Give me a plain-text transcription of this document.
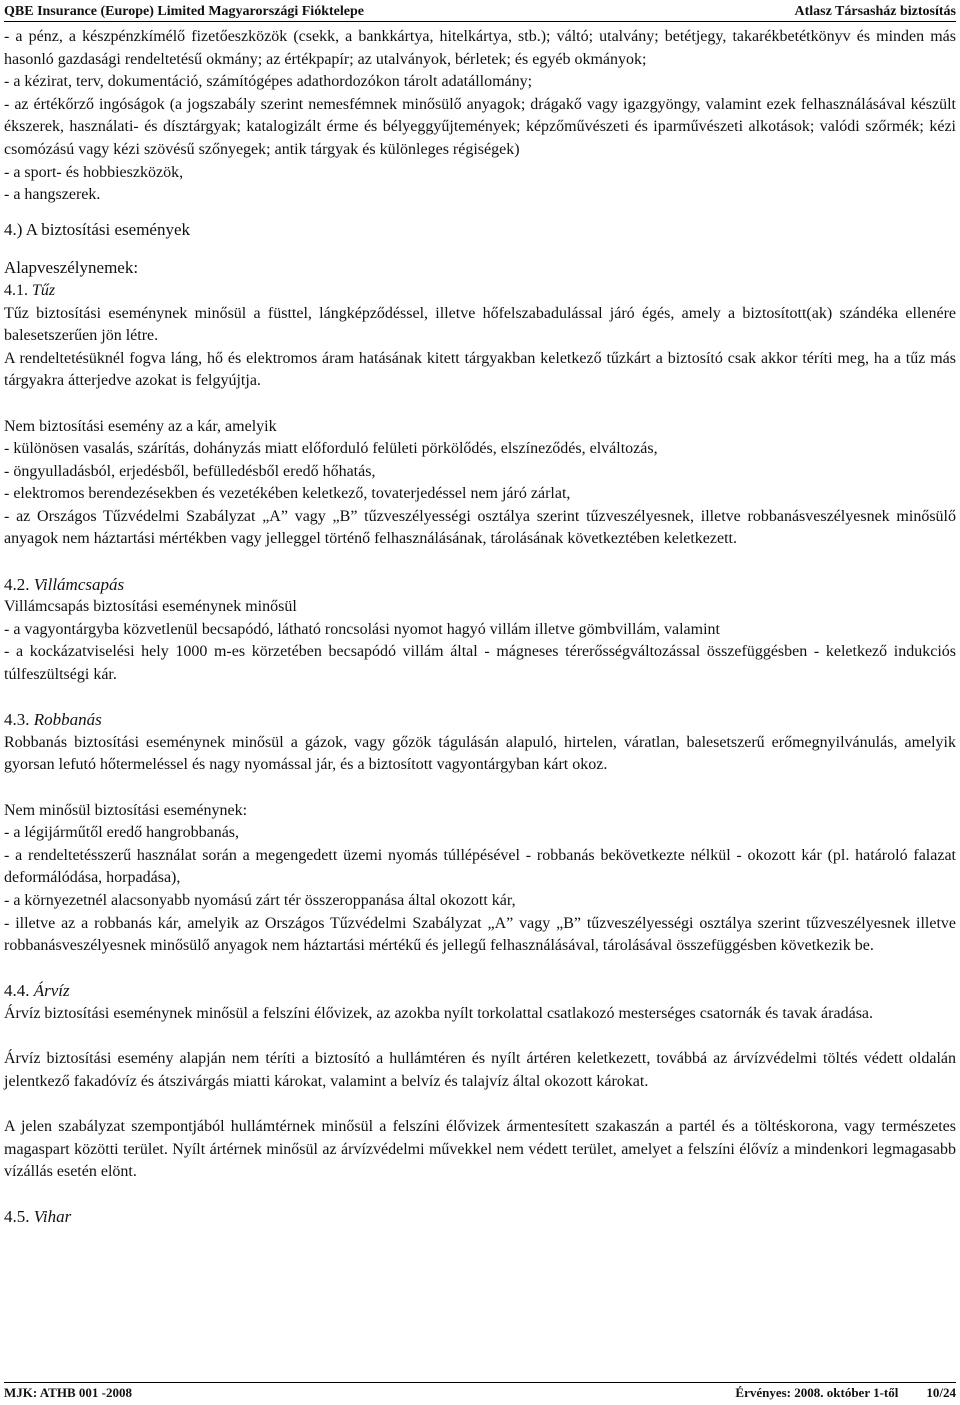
QBE Insurance (Europe) Limited Magyarországi Fióktelepe	Atlasz Társasház biztosítás

- a pénz, a készpénzkímélő fizetőeszközök (csekk, a bankkártya, hitelkártya, stb.); váltó; utalvány; betétjegy, takarékbetétkönyv és minden más hasonló gazdasági rendeltetésű okmány; az értékpapír; az utalványok, bérletek; és egyéb okmányok;

- a kézirat, terv, dokumentáció, számítógépes adathordozókon tárolt adatállomány;

- az értékőrző ingóságok (a jogszabály szerint nemesfémnek minősülő anyagok; drágakő vagy igazgyöngy, valamint ezek felhasználásával készült ékszerek, használati- és dísztárgyak; katalogizált érme és bélyeggyűjtemények; képzőművészeti és iparművészeti alkotások; valódi szőrmék; kézi csomózású vagy kézi szövésű szőnyegek; antik tárgyak és különleges régiségek)

- a sport- és hobbieszközök,

- a hangszerek.

4.) A biztosítási események

Alapveszélynemek:

4.1. Tűz

Tűz biztosítási eseménynek minősül a füsttel, lángképződéssel, illetve hőfelszabadulással járó égés, amely a biztosított(ak) szándéka ellenére balesetszerűen jön létre.

A rendeltetésüknél fogva láng, hő és elektromos áram hatásának kitett tárgyakban keletkező tűzkárt a biztosító csak akkor téríti meg, ha a tűz más tárgyakra átterjedve azokat is felgyújtja.

Nem biztosítási esemény az a kár, amelyik

- különösen vasalás, szárítás, dohányzás miatt előforduló felületi pörkölődés, elszíneződés, elváltozás,

- öngyulladásból, erjedésből, befülledésből eredő hőhatás,

- elektromos berendezésekben és vezetékében keletkező, tovaterjedéssel nem járó zárlat,

- az Országos Tűzvédelmi Szabályzat „A” vagy „B” tűzveszélyességi osztálya szerint tűzveszélyesnek, illetve robbanásveszélyesnek minősülő anyagok nem háztartási mértékben vagy jelleggel történő felhasználásának, tárolásának következtében keletkezett.

4.2. Villámcsapás

Villámcsapás biztosítási eseménynek minősül

- a vagyontárgyba közvetlenül becsapódó, látható roncsolási nyomot hagyó villám illetve gömbvillám, valamint

- a kockázatviselési hely 1000 m-es körzetében becsapódó villám által - mágneses térerősségváltozással összefüggésben - keletkező indukciós túlfeszültségi kár.

4.3. Robbanás

Robbanás biztosítási eseménynek minősül a gázok, vagy gőzök tágulásán alapuló, hirtelen, váratlan, balesetszerű erőmegnyilvánulás, amelyik gyorsan lefutó hőtermeléssel és nagy nyomással jár, és a biztosított vagyontárgyban kárt okoz.

Nem minősül biztosítási eseménynek:

- a légijárműtől eredő hangrobbanás,

- a rendeltetésszerű használat során a megengedett üzemi nyomás túllépésével - robbanás bekövetkezte nélkül - okozott kár (pl. határoló falazat deformálódása, horpadása),

- a környezetnél alacsonyabb nyomású zárt tér összeroppanása által okozott kár,

- illetve az a robbanás kár, amelyik az Országos Tűzvédelmi Szabályzat „A” vagy „B” tűzveszélyességi osztálya szerint tűzveszélyesnek illetve robbanásveszélyesnek minősülő anyagok nem háztartási mértékű és jellegű felhasználásával, tárolásával összefüggésben következik be.

4.4. Árvíz

Árvíz biztosítási eseménynek minősül a felszíni élővizek, az azokba nyílt torkolattal csatlakozó mesterséges csatornák és tavak áradása.

Árvíz biztosítási esemény alapján nem téríti a biztosító a hullámtéren és nyílt ártéren keletkezett, továbbá az árvízvédelmi töltés védett oldalán jelentkező fakadóvíz és átszivárgás miatti károkat, valamint a belvíz és talajvíz által okozott károkat.

A jelen szabályzat szempontjából hullámtérnek minősül a felszíni élővizek ármentesített szakaszán a partél és a töltéskorona, vagy természetes magaspart közötti terület. Nyílt ártérnek minősül az árvízvédelmi művekkel nem védett terület, amelyet a felszíni élővíz a mindenkori legmagasabb vízállás esetén elönt.

4.5. Vihar

MJK: ATHB 001 -2008	Érvényes: 2008. október 1-től 10/24
